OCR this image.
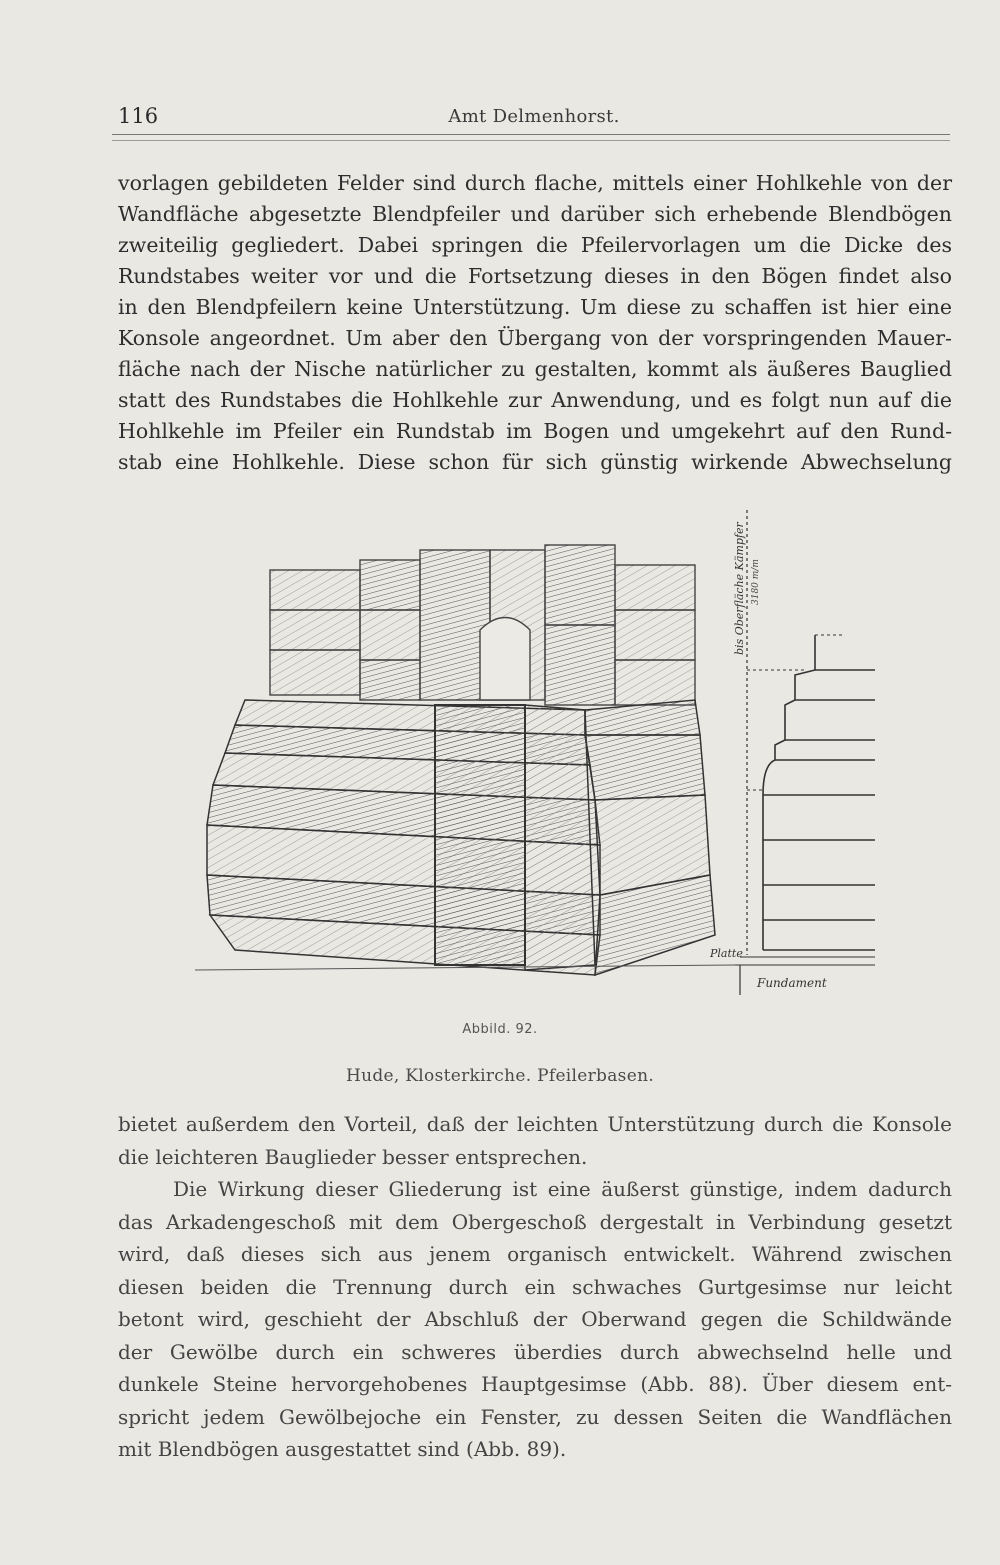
116	Amt Delmenhorst.
vorlagen gebildeten Felder sind durch flache, mittels einer Hohlkehle von der
Wandfläche abgesetzte Blendpfeiler und darüber sich erhebende Blendbögen
zweiteilig gegliedert. Dabei springen die Pfeilervorlagen um die Dicke des
Rundstabes weiter vor und die Fortsetzung dieses in den Bögen findet also
in den Blendpfeilern keine Unterstützung. Um diese zu schaffen ist hier eine
Konsole angeordnet. Um aber den Übergang von der vorspringenden Mauer-
fläche nach der Nische natürlicher zu gestalten, kommt als äußeres Bauglied
statt des Rundstabes die Hohlkehle zur Anwendung, und es folgt nun auf die
Hohlkehle im Pfeiler ein Rundstab im Bogen und umgekehrt auf den Rund-
stab eine Hohlkehle. Diese schon für sich günstig wirkende Abwechselung
bis Oberfläche Kämpfer 3180 m/m
Platte
Fundament
Abbild. 92.
Hude, Klosterkirche. Pfeilerbasen.
bietet außerdem den Vorteil, daß der leichten Unterstützung durch die Konsole
die leichteren Bauglieder besser entsprechen.
Die Wirkung dieser Gliederung ist eine äußerst günstige, indem dadurch
das Arkadengeschoß mit dem Obergeschoß dergestalt in Verbindung gesetzt
wird, daß dieses sich aus jenem organisch entwickelt. Während zwischen
diesen beiden die Trennung durch ein schwaches Gurtgesimse nur leicht
betont wird, geschieht der Abschluß der Oberwand gegen die Schildwände
der Gewölbe durch ein schweres überdies durch abwechselnd helle und
dunkele Steine hervorgehobenes Hauptgesimse (Abb. 88). Über diesem ent-
spricht jedem Gewölbejoche ein Fenster, zu dessen Seiten die Wandflächen
mit Blendbögen ausgestattet sind (Abb. 89).
